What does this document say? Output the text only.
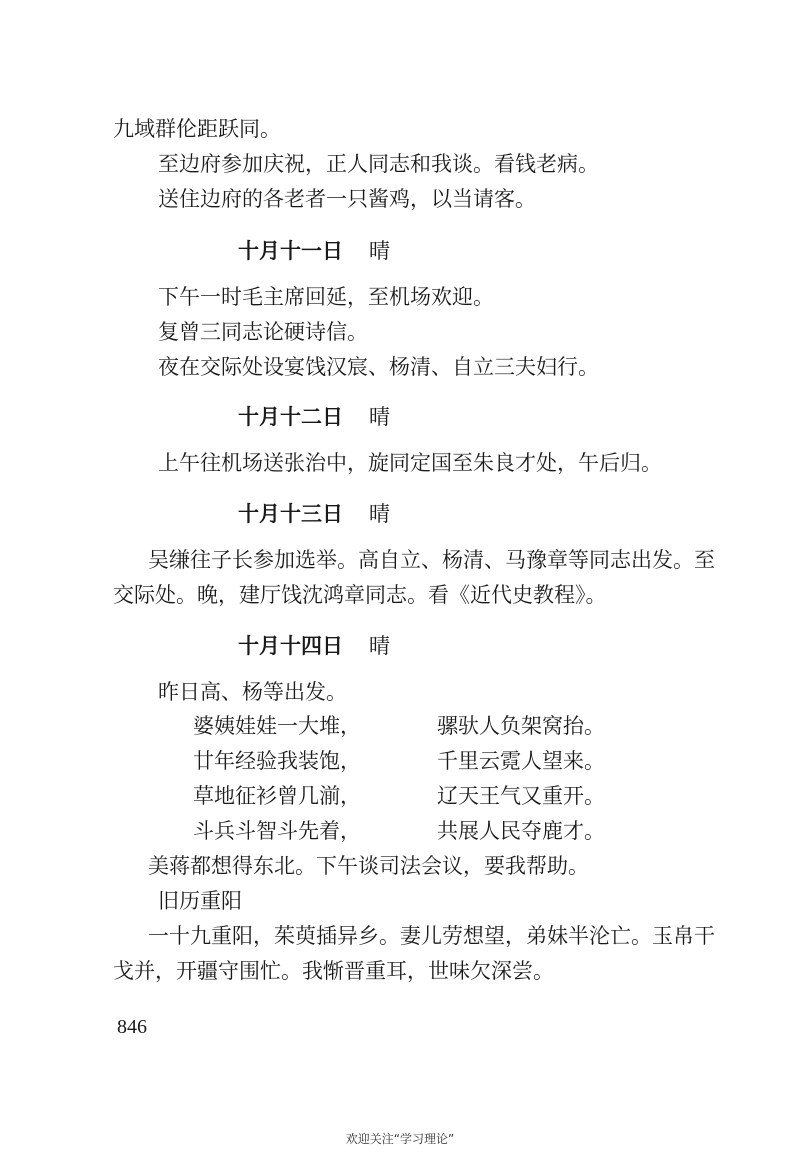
九域群伦距跃同。
至边府参加庆祝，正人同志和我谈。看钱老病。
送住边府的各老者一只酱鸡，以当请客。
十月十一日 晴
下午一时毛主席回延，至机场欢迎。
复曾三同志论硬诗信。
夜在交际处设宴饯汉宸、杨清、自立三夫妇行。
十月十二日 晴
上午往机场送张治中，旋同定国至朱良才处，午后归。
十月十三日 晴
吴缣往子长参加选举。高自立、杨清、马豫章等同志出发。至
交际处。晚，建厅饯沈鸿章同志。看《近代史教程》。
十月十四日 晴
昨日高、杨等出发。
婆姨娃娃一大堆，	骡驮人负架窝抬。
廿年经验我装饱，	千里云霓人望来。
草地征衫曾几湔，	辽天王气又重开。
斗兵斗智斗先着，	共展人民夺鹿才。
美蒋都想得东北。下午谈司法会议，要我帮助。
旧历重阳
一十九重阳，茱萸插异乡。妻儿劳想望，弟妹半沦亡。玉帛干
戈并，开疆守围忙。我惭晋重耳，世味欠深尝。
846
欢迎关注“学习理论”
